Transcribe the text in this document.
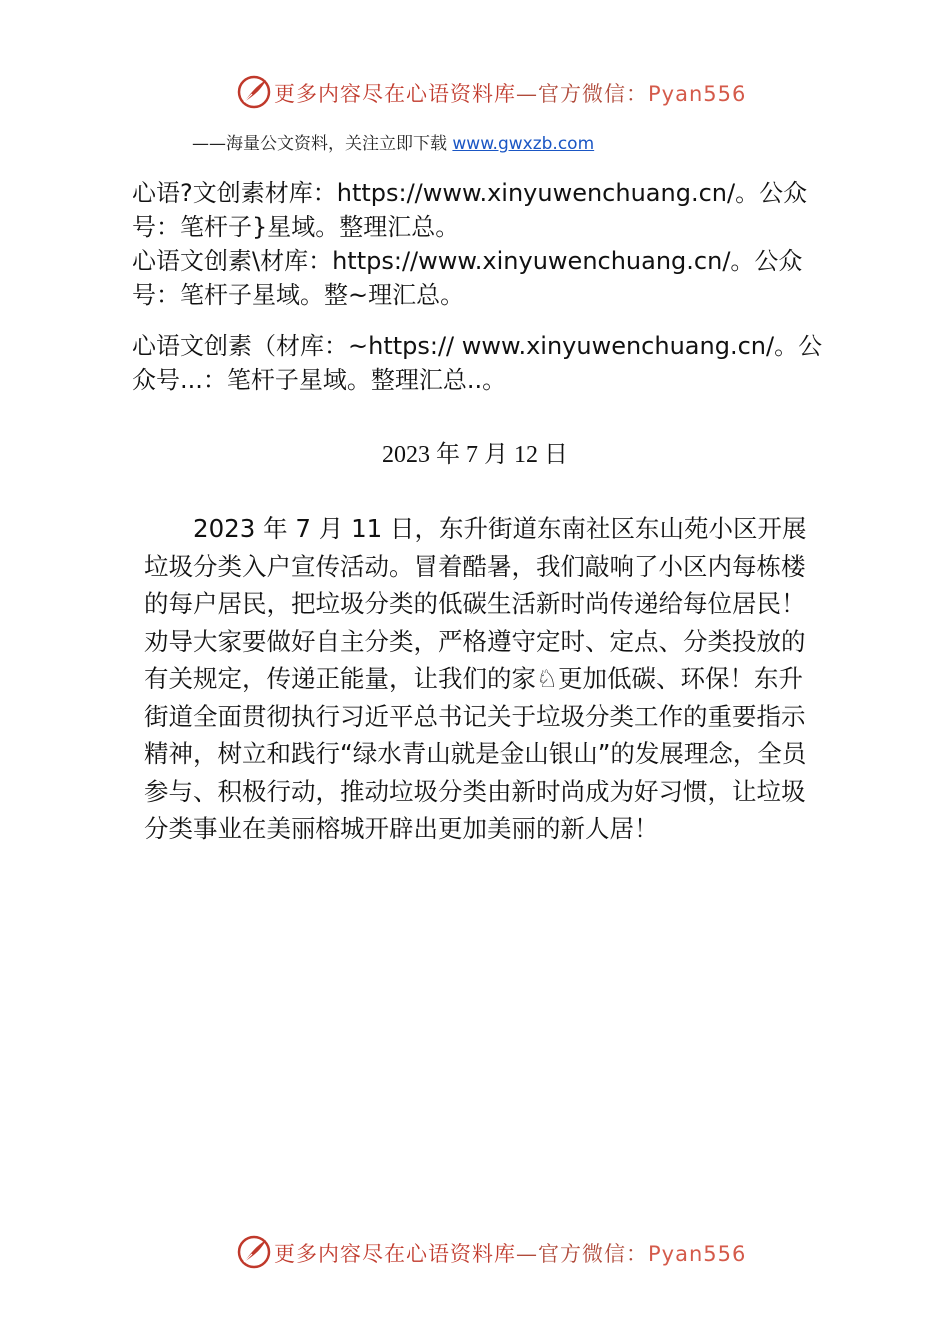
更多内容尽在心语资料库—官方微信：Pyan556
——海量公文资料，关注立即下载 www.gwxzb.com
心语?文创素材库：https://www.xinyuwenchuang.cn/。公众号：笔杆子}星域。整理汇总。
心语文创素\材库：https://www.xinyuwenchuang.cn/。公众号：笔杆子星域。整~理汇总。
心语文创素（材库：~https:// www.xinyuwenchuang.cn/。公众号...：笔杆子星域。整理汇总..。
2023 年 7 月 12 日
2023 年 7 月 11 日，东升街道东南社区东山苑小区开展垃圾分类入户宣传活动。冒着酷暑，我们敲响了小区内每栋楼的每户居民，把垃圾分类的低碳生活新时尚传递给每位居民！劝导大家要做好自主分类，严格遵守定时、定点、分类投放的有关规定，传递正能量，让我们的家♘更加低碳、环保！东升街道全面贯彻执行习近平总书记关于垃圾分类工作的重要指示精神，树立和践行“绿水青山就是金山银山”的发展理念，全员参与、积极行动，推动垃圾分类由新时尚成为好习惯，让垃圾分类事业在美丽榕城开辟出更加美丽的新人居！
更多内容尽在心语资料库—官方微信：Pyan556
